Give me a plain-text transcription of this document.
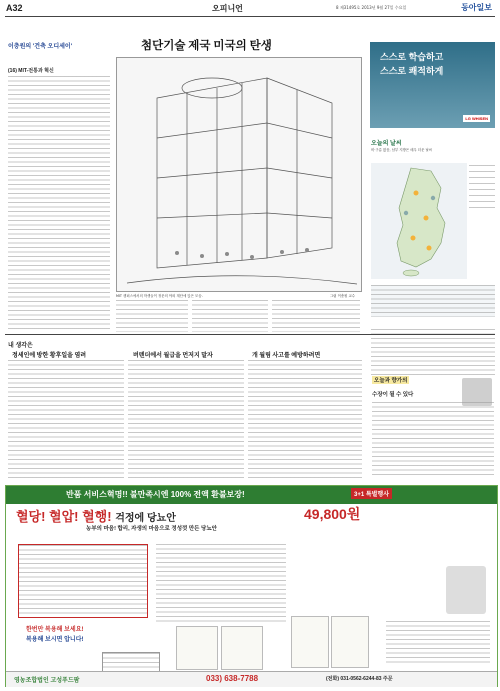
A32	오피니언	8 제31495호 2013년 9월 27일 수요일	동아일보
이충원의 '건축 오디세이'	첨단기술 제국 미국의 탄생
(16) MIT-전통과 혁신
MIT 캠퍼스에서의 학생들이 정문의 야외 계단에 앉은 모습.	그림 이충원 교수
스스로 학습하고
스스로 쾌적하게
LG WHISEN
오늘의 날씨
비·구름 많음, 남부 지방은 매우 더운 날씨
내 생각은
정세인에 방한 황후일을 염려	버텐더에서 월급을 먼저지 말자	개 월림 사고를 예방하려면
오늘과 향가의
수장이 될 수 있다
반품 서비스혁명!! 불만족시엔 100% 전액 환불보장!	3+1 특별행사
혈당! 혈압! 혈행! 걱정에 당뇨안	49,800원
농부의 마음! 합리, 자생의 마음으로 정성껏 만든 당뇨안
한번만 복용해 보세요!
복용해 보시면 압니다!
영농조합법인 고성푸드팜	033) 638-7788	(전화) 031-0562-6244-83 주문
